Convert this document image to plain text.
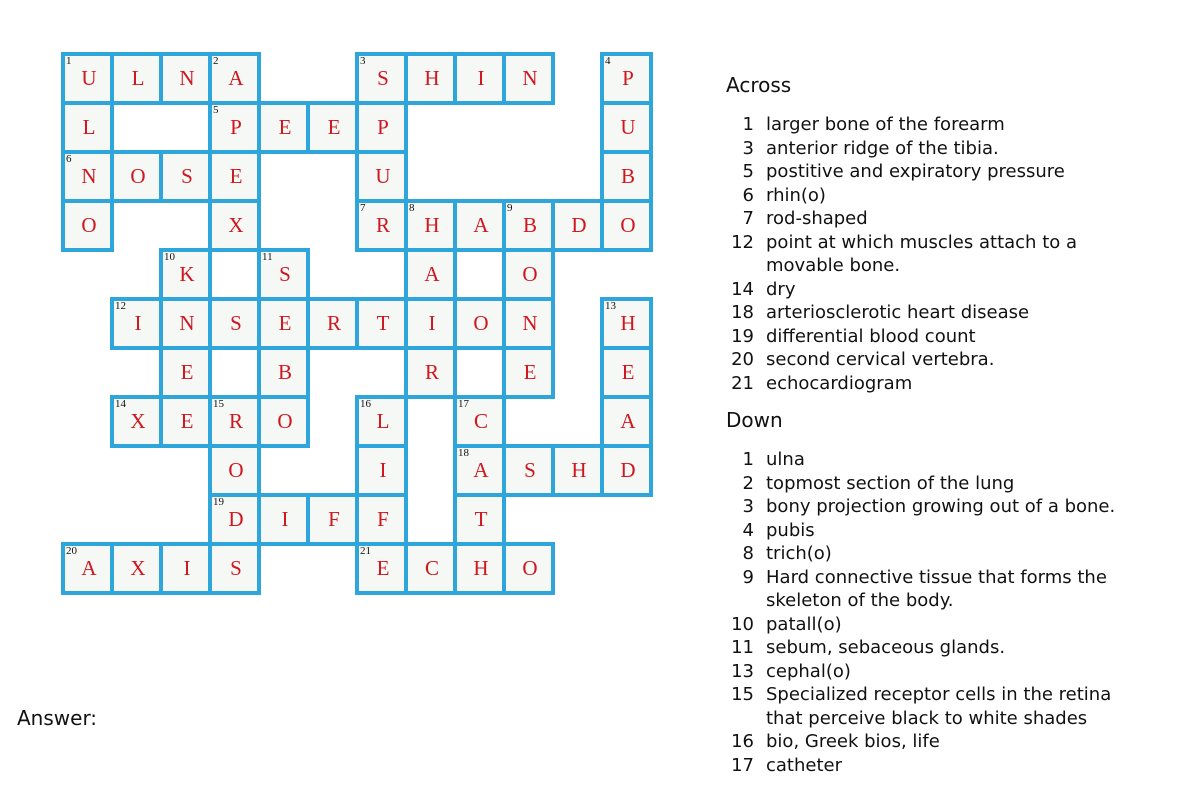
1
U	L	N
2
A
3
S	H	I	N
4
P
L
5
P	E	E	P	U
6
N	O	S	E	U	B
O	X
7
R
8
H	A
9
B	D	O
10
K
11
S	A	O
12
I	N	S	E	R	T	I	O	N
13
H
E	B	R	E	E
14
X	E
15
R	O
16
L
17
C	A
O	I
18
A	S	H	D
19
D	I	F	F	T
20
A	X	I	S
21
E	C	H	O
Across
1 larger bone of the forearm
3 anterior ridge of the tibia.
5 postitive and expiratory pressure
6 rhin(o)
7 rod-shaped
12 point at which muscles attach to a movable bone.
14 dry
18 arteriosclerotic heart disease
19 differential blood count
20 second cervical vertebra.
21 echocardiogram
Down
1 ulna
2 topmost section of the lung
3 bony projection growing out of a bone.
4 pubis
8 trich(o)
9 Hard connective tissue that forms the skeleton of the body.
10 patall(o)
11 sebum, sebaceous glands.
13 cephal(o)
15 Specialized receptor cells in the retina that perceive black to white shades
16 bio, Greek bios, life
17 catheter
Answer:
